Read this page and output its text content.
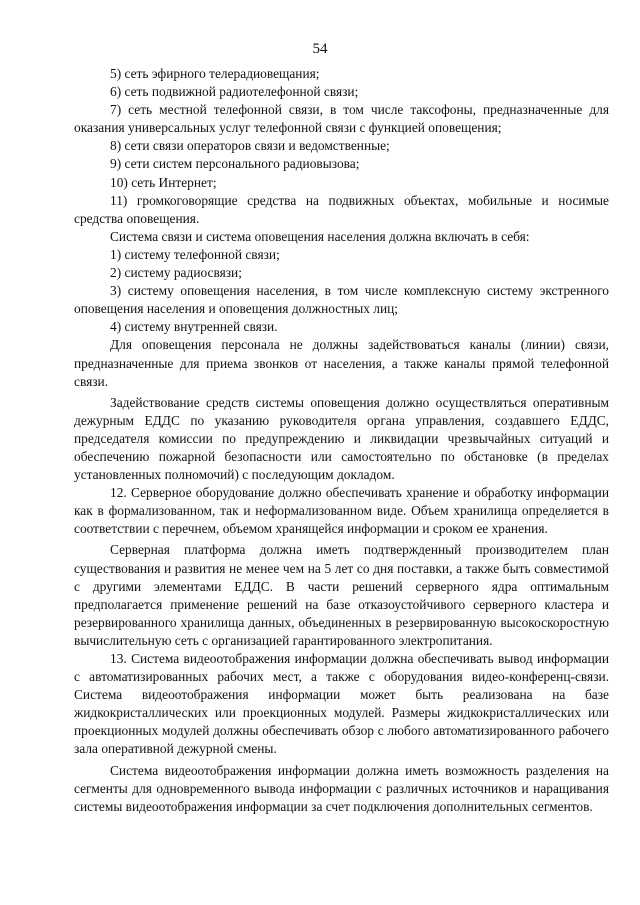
54

5) сеть эфирного телерадиовещания;

6) сеть подвижной радиотелефонной связи;

7) сеть местной телефонной связи, в том числе таксофоны, предназначенные для оказания универсальных услуг телефонной связи с функцией оповещения;

8) сети связи операторов связи и ведомственные;

9) сети систем персонального радиовызова;

10) сеть Интернет;

11) громкоговорящие средства на подвижных объектах, мобильные и носимые средства оповещения.

Система связи и система оповещения населения должна включать в себя:

1) систему телефонной связи;

2) систему радиосвязи;

3) систему оповещения населения, в том числе комплексную систему экстренного оповещения населения и оповещения должностных лиц;

4) систему внутренней связи.

Для оповещения персонала не должны задействоваться каналы (линии) связи, предназначенные для приема звонков от населения, а также каналы прямой телефонной связи.

Задействование средств системы оповещения должно осуществляться оперативным дежурным ЕДДС по указанию руководителя органа управления, создавшего ЕДДС, председателя комиссии по предупреждению и ликвидации чрезвычайных ситуаций и обеспечению пожарной безопасности или самостоятельно по обстановке (в пределах установленных полномочий) с последующим докладом.

12. Серверное оборудование должно обеспечивать хранение и обработку информации как в формализованном, так и неформализованном виде. Объем хранилища определяется в соответствии с перечнем, объемом хранящейся информации и сроком ее хранения.

Серверная платформа должна иметь подтвержденный производителем план существования и развития не менее чем на 5 лет со дня поставки, а также быть совместимой с другими элементами ЕДДС. В части решений серверного ядра оптимальным предполагается применение решений на базе отказоустойчивого серверного кластера и резервированного хранилища данных, объединенных в резервированную высокоскоростную вычислительную сеть с организацией гарантированного электропитания.

13. Система видеоотображения информации должна обеспечивать вывод информации с автоматизированных рабочих мест, а также с оборудования видео-конференц-связи. Система видеоотображения информации может быть реализована на базе жидкокристаллических или проекционных модулей. Размеры жидкокристаллических или проекционных модулей должны обеспечивать обзор с любого автоматизированного рабочего зала оперативной дежурной смены.

Система видеоотображения информации должна иметь возможность разделения на сегменты для одновременного вывода информации с различных источников и наращивания системы видеоотображения информации за счет подключения дополнительных сегментов.
